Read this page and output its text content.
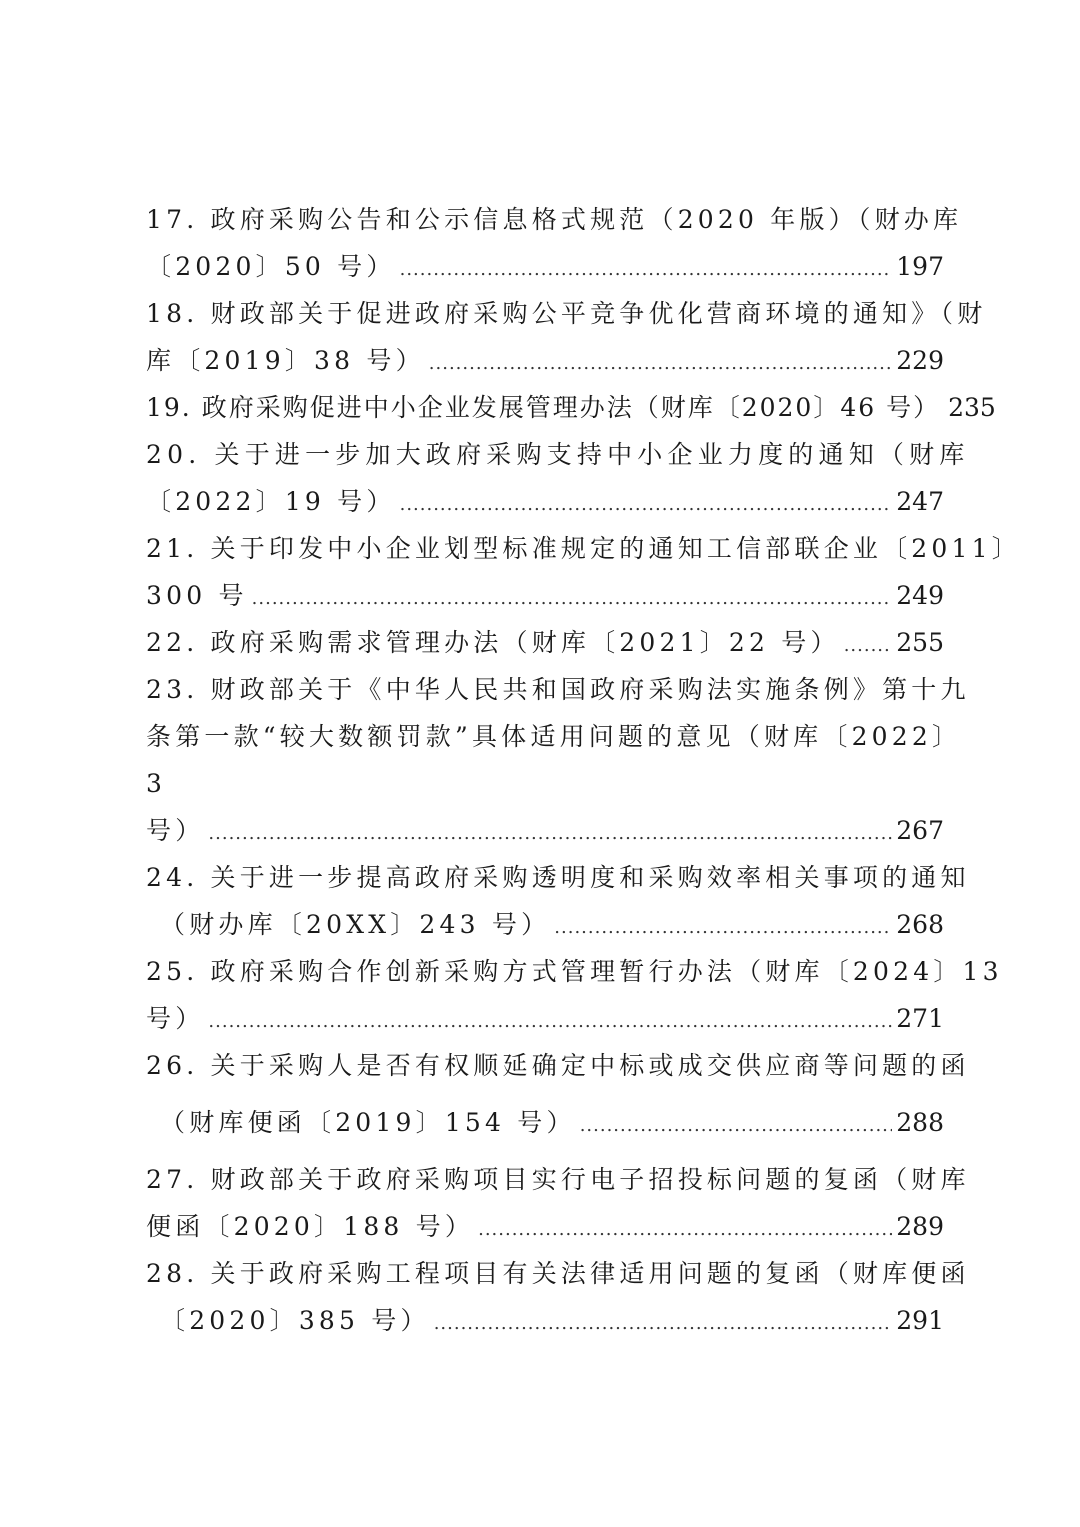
17. 政府采购公告和公示信息格式规范（2020 年版）（财办库
〔2020〕50 号） .....	197
18. 财政部关于促进政府采购公平竞争优化营商环境的通知》（财
库〔2019〕38 号） .....	229
19. 政府采购促进中小企业发展管理办法（财库〔2020〕46 号） 235
20. 关于进一步加大政府采购支持中小企业力度的通知（财库
〔2022〕19 号） .....	247
21. 关于印发中小企业划型标准规定的通知工信部联企业〔2011〕
300 号 .....	249
22. 政府采购需求管理办法（财库〔2021〕22 号） ..... 255
23. 财政部关于《中华人民共和国政府采购法实施条例》第十九
条第一款“较大数额罚款”具体适用问题的意见（财库〔2022〕
3
号） .....	267
24. 关于进一步提高政府采购透明度和采购效率相关事项的通知
（财办库〔20XX〕243 号） .....	268
25. 政府采购合作创新采购方式管理暂行办法（财库〔2024〕13
号） .....	271
26. 关于采购人是否有权顺延确定中标或成交供应商等问题的函
（财库便函〔2019〕154 号） .....	288
27. 财政部关于政府采购项目实行电子招投标问题的复函（财库
便函〔2020〕188 号） .....	289
28. 关于政府采购工程项目有关法律适用问题的复函（财库便函
〔2020〕385 号） .....	291
